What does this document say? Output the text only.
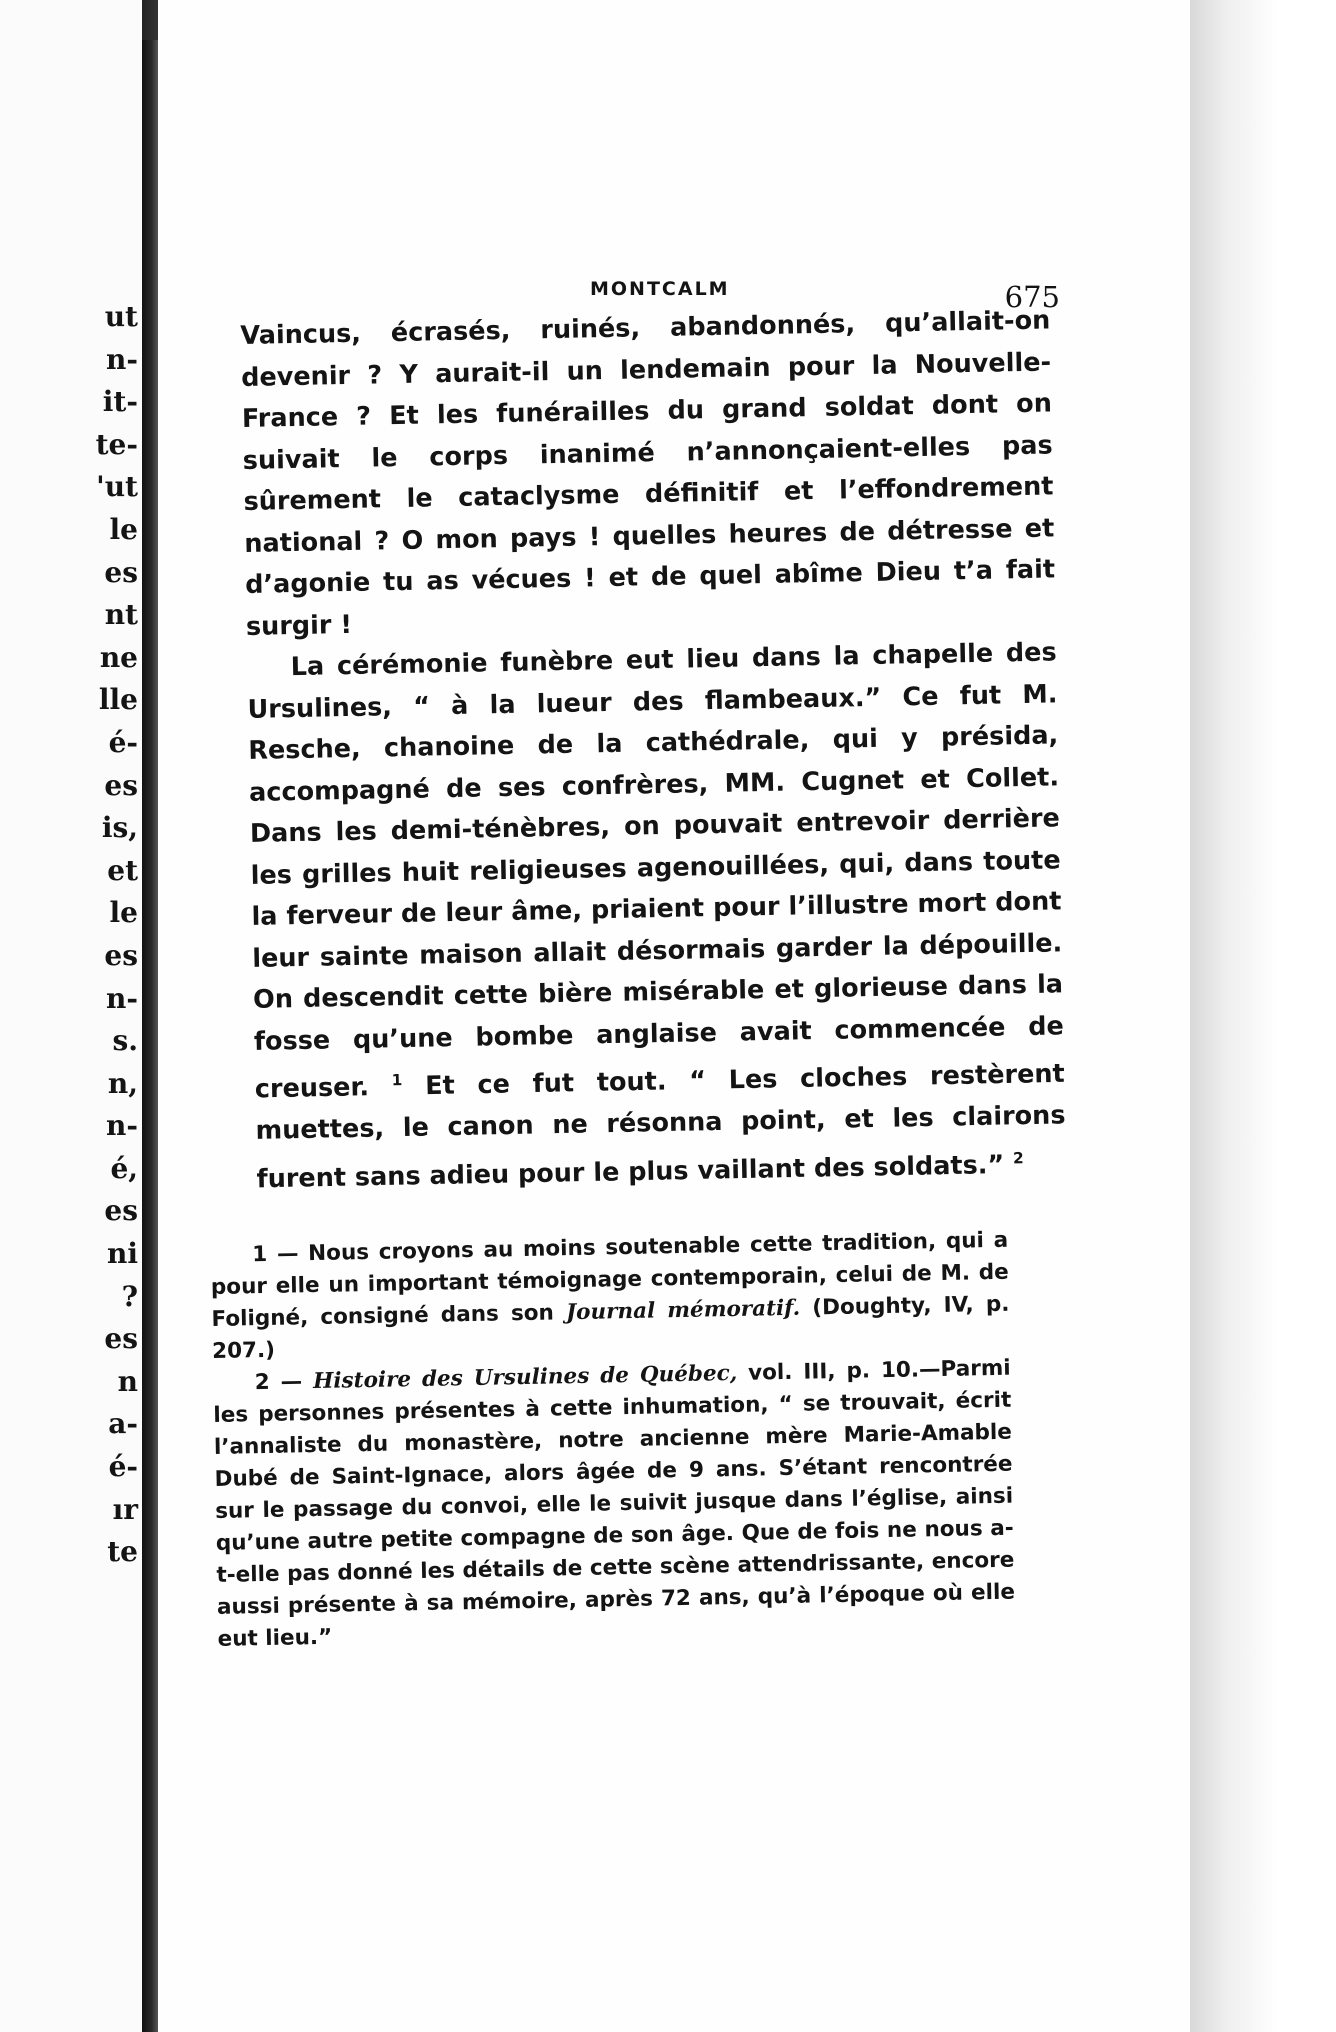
ut
n-
it-
te-
'ut
le
es
nt
ne
lle
é-
es
is,
et
le
es
n-
s.
n,
n-
é,
es
ni
?
es
n
a-
é-
ır
te
MONTCALM	675

Vaincus, écrasés, ruinés, abandonnés, qu’allait-on devenir ? Y aurait-il un lendemain pour la Nouvelle-France ? Et les funérailles du grand soldat dont on suivait le corps inanimé n’annonçaient-elles pas sûrement le cataclysme définitif et l’effondrement national ? O mon pays ! quelles heures de détresse et d’agonie tu as vécues ! et de quel abîme Dieu t’a fait surgir !

La cérémonie funèbre eut lieu dans la chapelle des Ursulines, “ à la lueur des flambeaux.” Ce fut M. Resche, chanoine de la cathédrale, qui y présida, accompagné de ses confrères, MM. Cugnet et Collet. Dans les demi-ténèbres, on pouvait entrevoir derrière les grilles huit religieuses agenouillées, qui, dans toute la ferveur de leur âme, priaient pour l’illustre mort dont leur sainte maison allait désormais garder la dépouille. On descendit cette bière misérable et glorieuse dans la fosse qu’une bombe anglaise avait commencée de creuser. $^1$ Et ce fut tout. “ Les cloches restèrent muettes, le canon ne résonna point, et les clairons furent sans adieu pour le plus vaillant des soldats.” $^2$

1 — Nous croyons au moins soutenable cette tradition, qui a pour elle un important témoignage contemporain, celui de M. de Foligné, consigné dans son Journal mémoratif. (Doughty, IV, p. 207.)

2 — Histoire des Ursulines de Québec, vol. III, p. 10.—Parmi les personnes présentes à cette inhumation, “ se trouvait, écrit l’annaliste du monastère, notre ancienne mère Marie-Amable Dubé de Saint-Ignace, alors âgée de 9 ans. S’étant rencontrée sur le passage du convoi, elle le suivit jusque dans l’église, ainsi qu’une autre petite compagne de son âge. Que de fois ne nous a-t-elle pas donné les détails de cette scène attendrissante, encore aussi présente à sa mémoire, après 72 ans, qu’à l’époque où elle eut lieu.”
